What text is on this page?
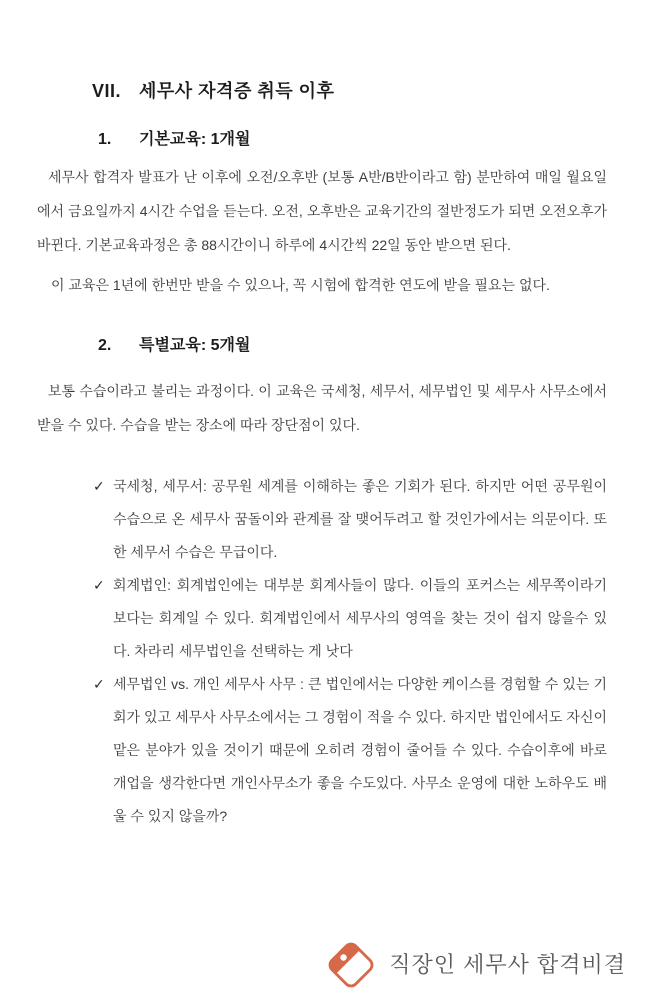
VII. 세무사 자격증 취득 이후
1. 기본교육: 1개월

세무사 합격자 발표가 난 이후에 오전/오후반 (보통 A반/B반이라고 함) 분만하여 매일 월요일에서 금요일까지 4시간 수업을 듣는다. 오전, 오후반은 교육기간의 절반정도가 되면 오전오후가 바뀐다. 기본교육과정은 총 88시간이니 하루에 4시간씩 22일 동안 받으면 된다.

이 교육은 1년에 한번만 받을 수 있으나, 꼭 시험에 합격한 연도에 받을 필요는 없다.

2. 특별교육: 5개월

보통 수습이라고 불리는 과정이다. 이 교육은 국세청, 세무서, 세무법인 및 세무사 사무소에서 받을 수 있다. 수습을 받는 장소에 따라 장단점이 있다.

✓ 국세청, 세무서: 공무원 세계를 이해하는 좋은 기회가 된다. 하지만 어떤 공무원이 수습으로 온 세무사 꿈돌이와 관계를 잘 맺어두려고 할 것인가에서는 의문이다. 또한 세무서 수습은 무급이다.
✓ 회계법인: 회계법인에는 대부분 회계사들이 많다. 이들의 포커스는 세무쪽이라기 보다는 회계일 수 있다. 회계법인에서 세무사의 영역을 찾는 것이 쉽지 않을수 있다. 차라리 세무법인을 선택하는 게 낫다
✓ 세무법인 vs. 개인 세무사 사무 : 큰 법인에서는 다양한 케이스를 경험할 수 있는 기회가 있고 세무사 사무소에서는 그 경험이 적을 수 있다. 하지만 법인에서도 자신이 맡은 분야가 있을 것이기 때문에 오히려 경험이 줄어들 수 있다. 수습이후에 바로 개업을 생각한다면 개인사무소가 좋을 수도있다. 사무소 운영에 대한 노하우도 배울 수 있지 않을까?
직장인 세무사 합격비결
